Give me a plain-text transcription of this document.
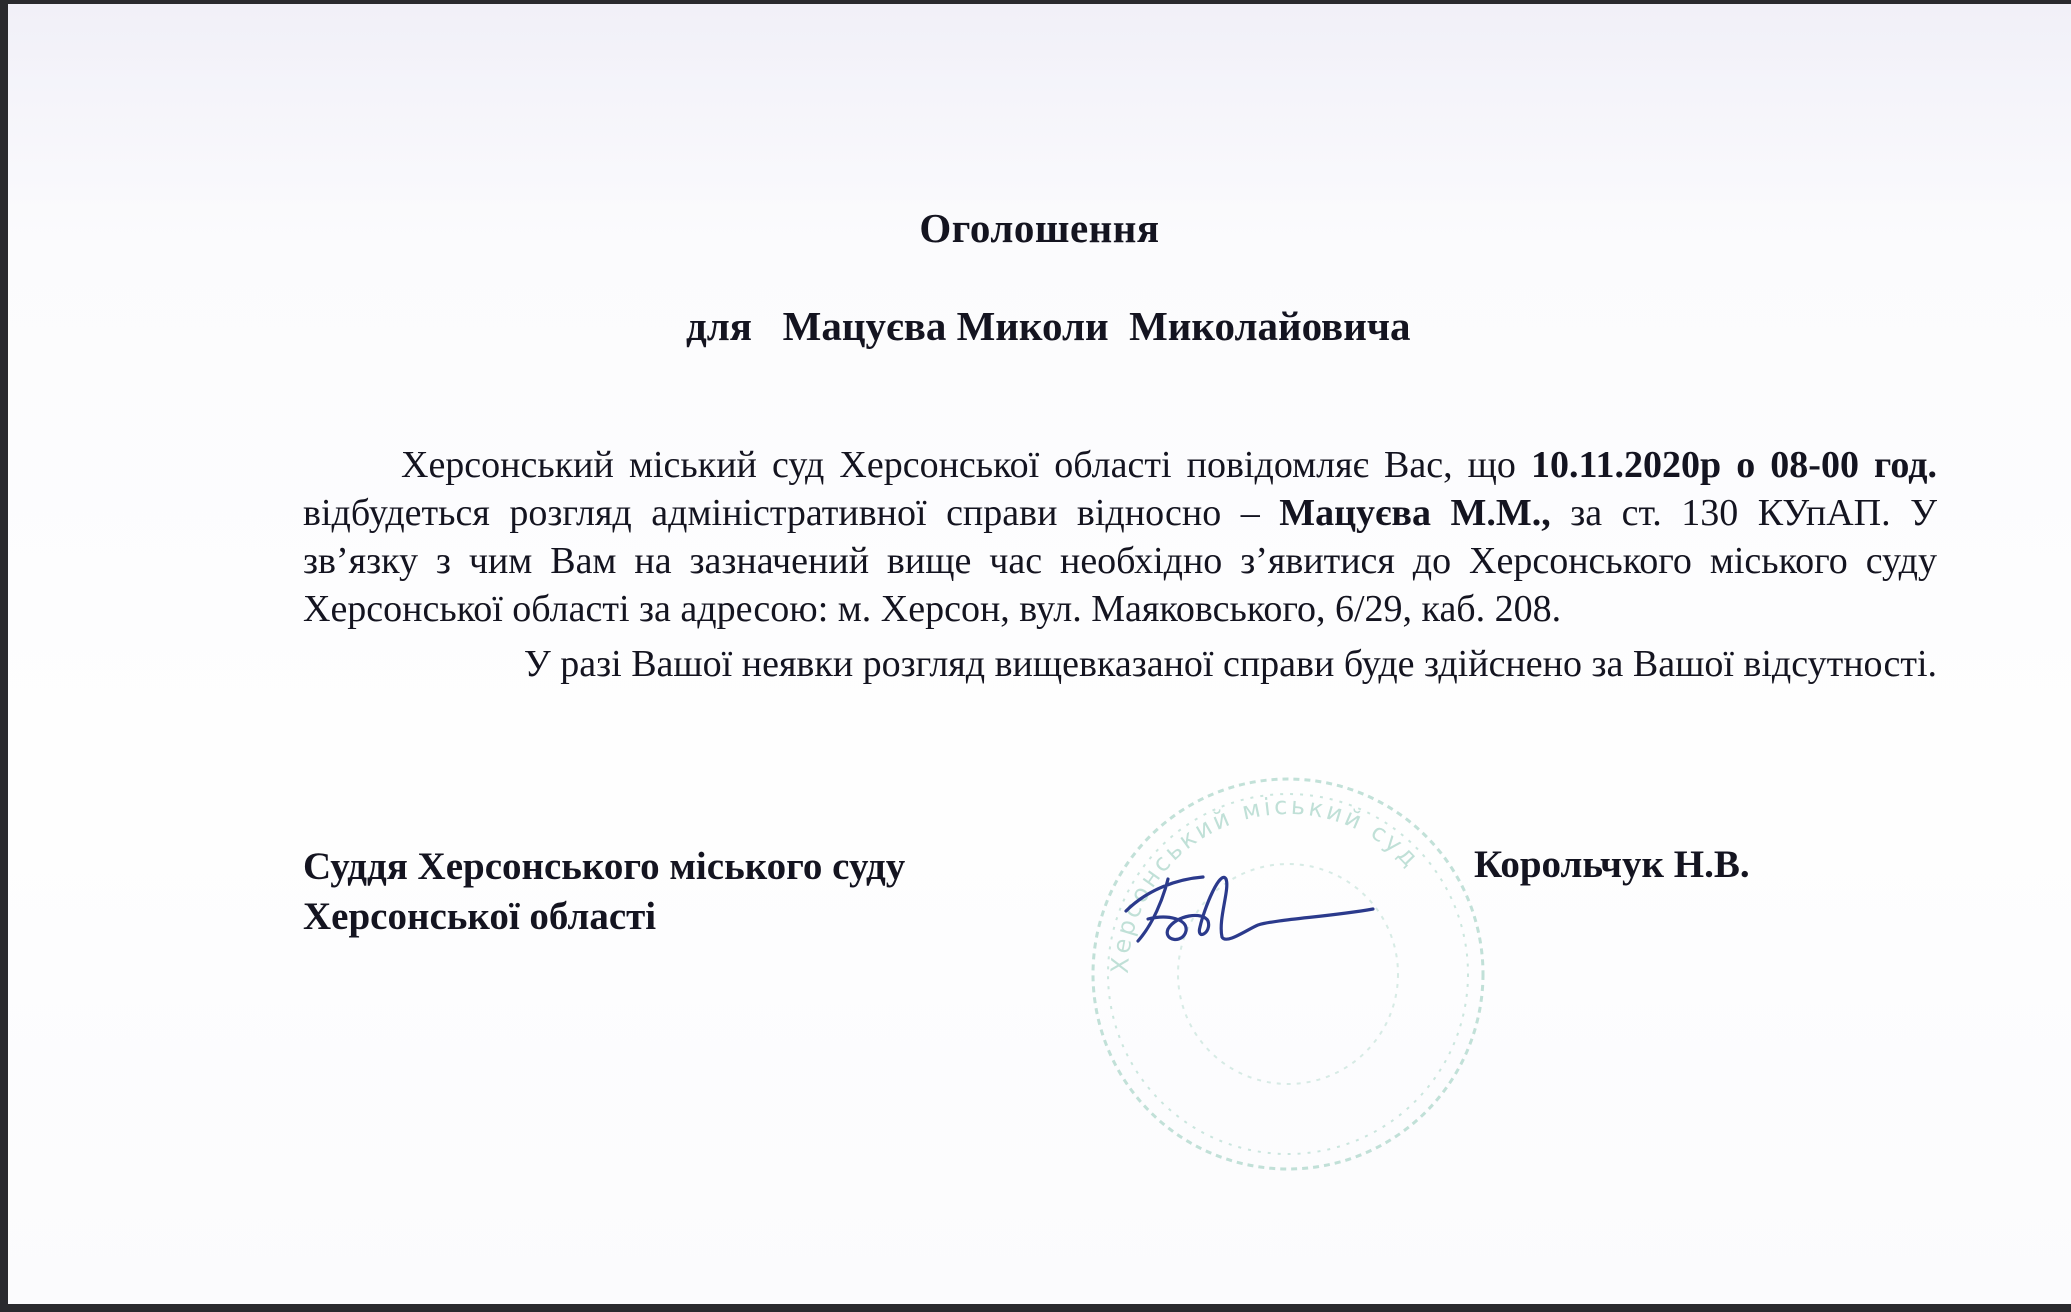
Оголошення
для   Мацуєва Миколи  Миколайовича
Херсонський міський суд Херсонської області повідомляє Вас, що 10.11.2020р о 08-00 год. відбудеться розгляд адміністративної справи відносно – Мацуєва М.М., за ст. 130 КУпАП. У зв’язку з чим Вам на зазначений вище час необхідно з’явитися до Херсонського міського суду Херсонської області за адресою: м. Херсон, вул. Маяковського, 6/29, каб. 208.
У разі Вашої неявки розгляд вищевказаної справи буде здійснено за Вашої відсутності.
Суддя Херсонського міського суду
Херсонської області
Херсонський міський суд Корольчук Н.В.
